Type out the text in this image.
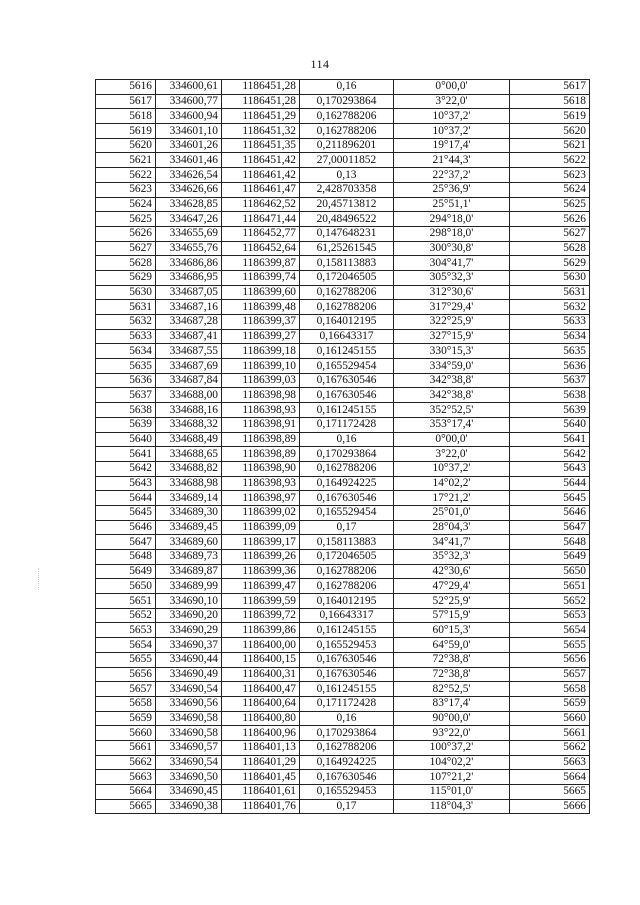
114
5616	334600,61	1186451,28	0,16	0°00,0'	5617
5617	334600,77	1186451,28	0,170293864	3°22,0'	5618
5618	334600,94	1186451,29	0,162788206	10°37,2'	5619
5619	334601,10	1186451,32	0,162788206	10°37,2'	5620
5620	334601,26	1186451,35	0,211896201	19°17,4'	5621
5621	334601,46	1186451,42	27,00011852	21°44,3'	5622
5622	334626,54	1186461,42	0,13	22°37,2'	5623
5623	334626,66	1186461,47	2,428703358	25°36,9'	5624
5624	334628,85	1186462,52	20,45713812	25°51,1'	5625
5625	334647,26	1186471,44	20,48496522	294°18,0'	5626
5626	334655,69	1186452,77	0,147648231	298°18,0'	5627
5627	334655,76	1186452,64	61,25261545	300°30,8'	5628
5628	334686,86	1186399,87	0,158113883	304°41,7'	5629
5629	334686,95	1186399,74	0,172046505	305°32,3'	5630
5630	334687,05	1186399,60	0,162788206	312°30,6'	5631
5631	334687,16	1186399,48	0,162788206	317°29,4'	5632
5632	334687,28	1186399,37	0,164012195	322°25,9'	5633
5633	334687,41	1186399,27	0,16643317	327°15,9'	5634
5634	334687,55	1186399,18	0,161245155	330°15,3'	5635
5635	334687,69	1186399,10	0,165529454	334°59,0'	5636
5636	334687,84	1186399,03	0,167630546	342°38,8'	5637
5637	334688,00	1186398,98	0,167630546	342°38,8'	5638
5638	334688,16	1186398,93	0,161245155	352°52,5'	5639
5639	334688,32	1186398,91	0,171172428	353°17,4'	5640
5640	334688,49	1186398,89	0,16	0°00,0'	5641
5641	334688,65	1186398,89	0,170293864	3°22,0'	5642
5642	334688,82	1186398,90	0,162788206	10°37,2'	5643
5643	334688,98	1186398,93	0,164924225	14°02,2'	5644
5644	334689,14	1186398,97	0,167630546	17°21,2'	5645
5645	334689,30	1186399,02	0,165529454	25°01,0'	5646
5646	334689,45	1186399,09	0,17	28°04,3'	5647
5647	334689,60	1186399,17	0,158113883	34°41,7'	5648
5648	334689,73	1186399,26	0,172046505	35°32,3'	5649
5649	334689,87	1186399,36	0,162788206	42°30,6'	5650
5650	334689,99	1186399,47	0,162788206	47°29,4'	5651
5651	334690,10	1186399,59	0,164012195	52°25,9'	5652
5652	334690,20	1186399,72	0,16643317	57°15,9'	5653
5653	334690,29	1186399,86	0,161245155	60°15,3'	5654
5654	334690,37	1186400,00	0,165529453	64°59,0'	5655
5655	334690,44	1186400,15	0,167630546	72°38,8'	5656
5656	334690,49	1186400,31	0,167630546	72°38,8'	5657
5657	334690,54	1186400,47	0,161245155	82°52,5'	5658
5658	334690,56	1186400,64	0,171172428	83°17,4'	5659
5659	334690,58	1186400,80	0,16	90°00,0'	5660
5660	334690,58	1186400,96	0,170293864	93°22,0'	5661
5661	334690,57	1186401,13	0,162788206	100°37,2'	5662
5662	334690,54	1186401,29	0,164924225	104°02,2'	5663
5663	334690,50	1186401,45	0,167630546	107°21,2'	5664
5664	334690,45	1186401,61	0,165529453	115°01,0'	5665
5665	334690,38	1186401,76	0,17	118°04,3'	5666
